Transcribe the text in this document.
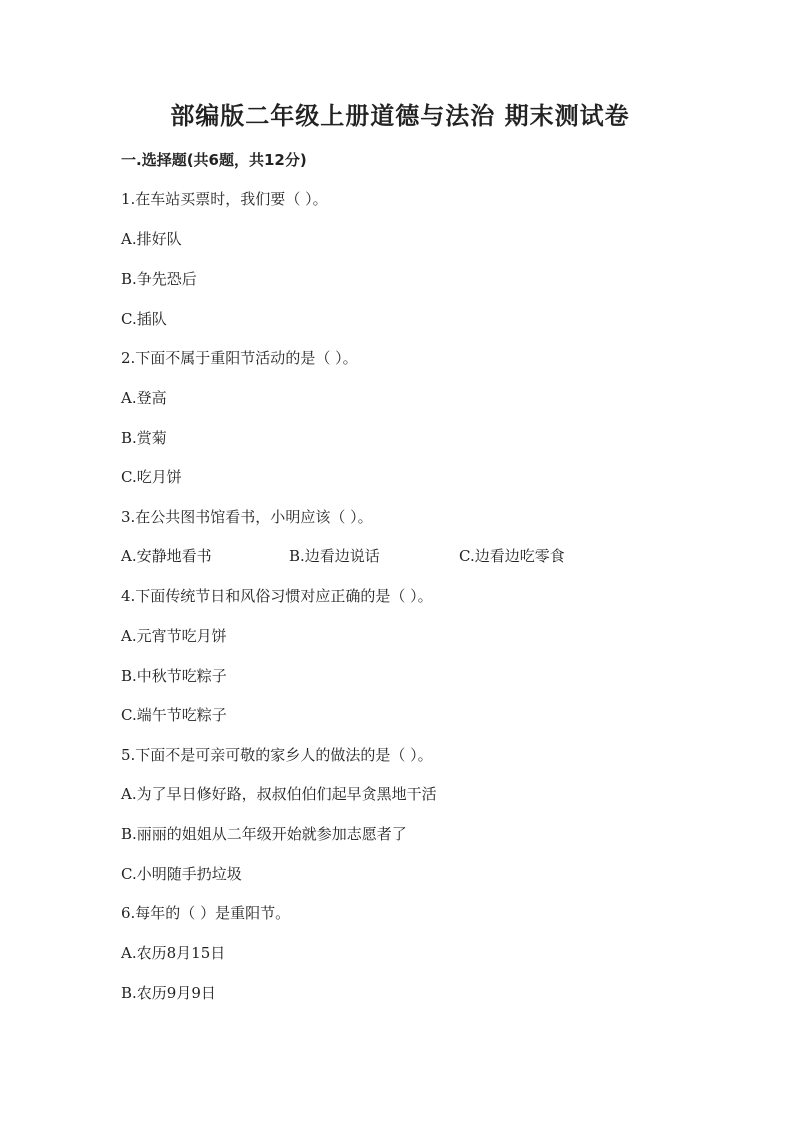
部编版二年级上册道德与法治 期末测试卷
一.选择题(共6题，共12分)
1.在车站买票时，我们要（ ）。
A.排好队
B.争先恐后
C.插队
2.下面不属于重阳节活动的是（ ）。
A.登高
B.赏菊
C.吃月饼
3.在公共图书馆看书，小明应该（ ）。
A.安静地看书	B.边看边说话	C.边看边吃零食
4.下面传统节日和风俗习惯对应正确的是（ ）。
A.元宵节吃月饼
B.中秋节吃粽子
C.端午节吃粽子
5.下面不是可亲可敬的家乡人的做法的是（ ）。
A.为了早日修好路，叔叔伯伯们起早贪黑地干活
B.丽丽的姐姐从二年级开始就参加志愿者了
C.小明随手扔垃圾
6.每年的（ ）是重阳节。
A.农历8月15日
B.农历9月9日
